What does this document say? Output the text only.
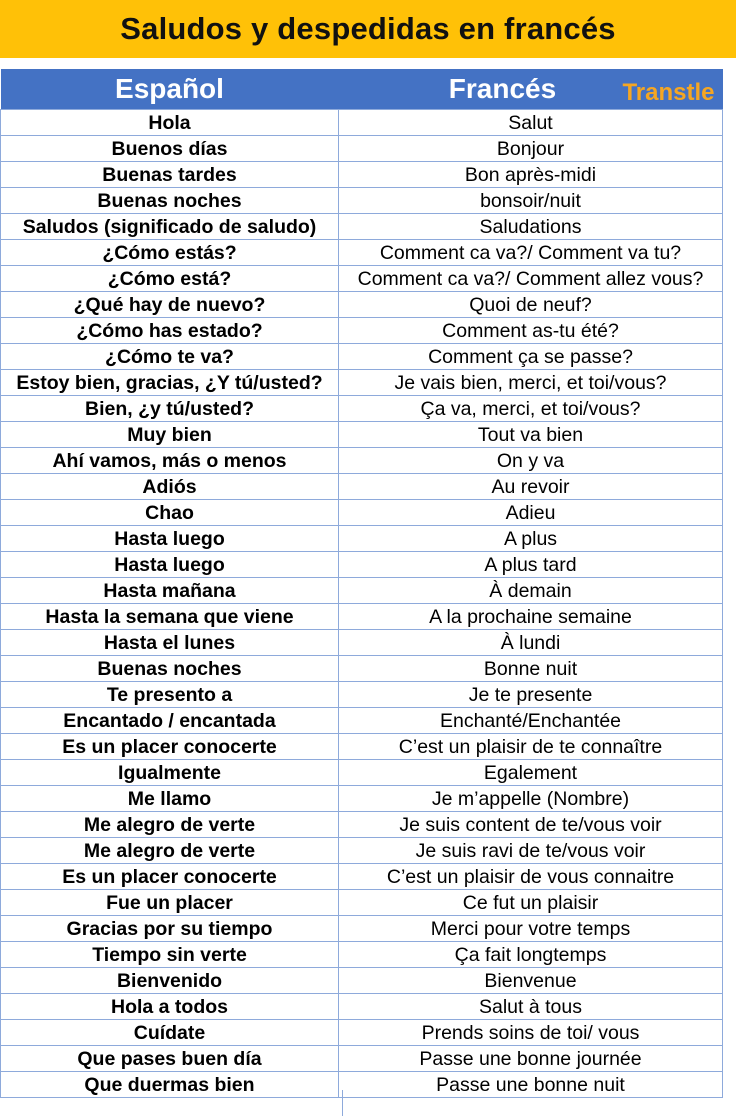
Saludos y despedidas en francés
Español	Francés Transtle

Hola	Salut
Buenos días	Bonjour
Buenas tardes	Bon après-midi
Buenas noches	bonsoir/nuit
Saludos (significado de saludo)	Saludations
¿Cómo estás?	Comment ca va?/ Comment va tu?
¿Cómo está?	Comment ca va?/ Comment allez vous?
¿Qué hay de nuevo?	Quoi de neuf?
¿Cómo has estado?	Comment as-tu été?
¿Cómo te va?	Comment ça se passe?
Estoy bien, gracias, ¿Y tú/usted?	Je vais bien, merci, et toi/vous?
Bien, ¿y tú/usted?	Ça va, merci, et toi/vous?
Muy bien	Tout va bien
Ahí vamos, más o menos	On y va
Adiós	Au revoir
Chao	Adieu
Hasta luego	A plus
Hasta luego	A plus tard
Hasta mañana	À demain
Hasta la semana que viene	A la prochaine semaine
Hasta el lunes	À lundi
Buenas noches	Bonne nuit
Te presento a	Je te presente
Encantado / encantada	Enchanté/Enchantée
Es un placer conocerte	C’est un plaisir de te connaître
Igualmente	Egalement
Me llamo	Je m’appelle (Nombre)
Me alegro de verte	Je suis content de te/vous voir
Me alegro de verte	Je suis ravi de te/vous voir
Es un placer conocerte	C’est un plaisir de vous connaitre
Fue un placer	Ce fut un plaisir
Gracias por su tiempo	Merci pour votre temps
Tiempo sin verte	Ça fait longtemps
Bienvenido	Bienvenue
Hola a todos	Salut à tous
Cuídate	Prends soins de toi/ vous
Que pases buen día	Passe une bonne journée
Que duermas bien	Passe une bonne nuit
